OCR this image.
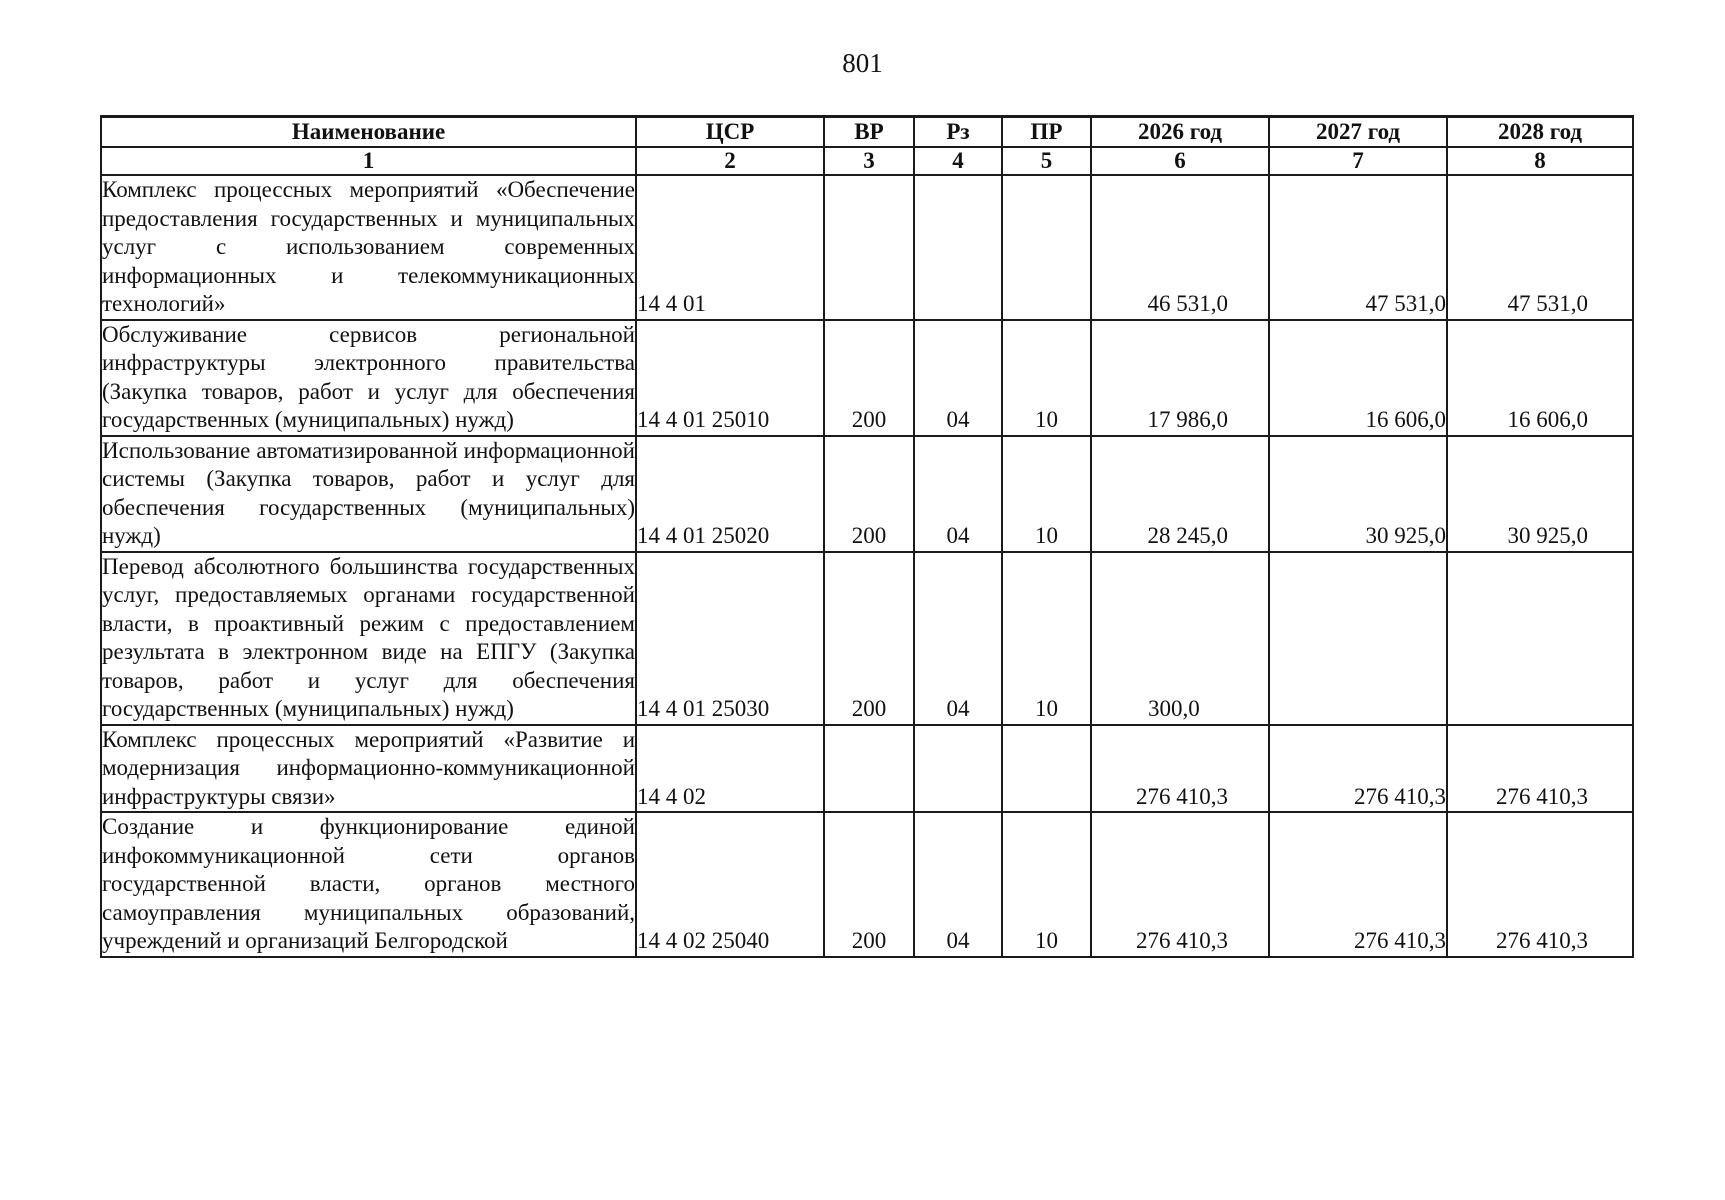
801
Наименование	ЦСР	ВР	Рз	ПР	2026 год	2027 год	2028 год
1	2	3	4	5	6	7	8
Комплекс процессных мероприятий «Обеспечение предоставления государственных и муниципальных услуг с использованием современных информационных и телекоммуникационных технологий»	14 4 01				46 531,0	47 531,0	47 531,0
Обслуживание сервисов региональной инфраструктуры электронного правительства (Закупка товаров, работ и услуг для обеспечения государственных (муниципальных) нужд)	14 4 01 25010	200	04	10	17 986,0	16 606,0	16 606,0
Использование автоматизированной информационной системы (Закупка товаров, работ и услуг для обеспечения государственных (муниципальных) нужд)	14 4 01 25020	200	04	10	28 245,0	30 925,0	30 925,0
Перевод абсолютного большинства государственных услуг, предоставляемых органами государственной власти, в проактивный режим с предоставлением результата в электронном виде на ЕПГУ (Закупка товаров, работ и услуг для обеспечения государственных (муниципальных) нужд)	14 4 01 25030	200	04	10	300,0		
Комплекс процессных мероприятий «Развитие и модернизация информационно-коммуникационной инфраструктуры связи»	14 4 02				276 410,3	276 410,3	276 410,3
Создание и функционирование единой инфокоммуникационной сети органов государственной власти, органов местного самоуправления муниципальных образований, учреждений и организаций Белгородской	14 4 02 25040	200	04	10	276 410,3	276 410,3	276 410,3
